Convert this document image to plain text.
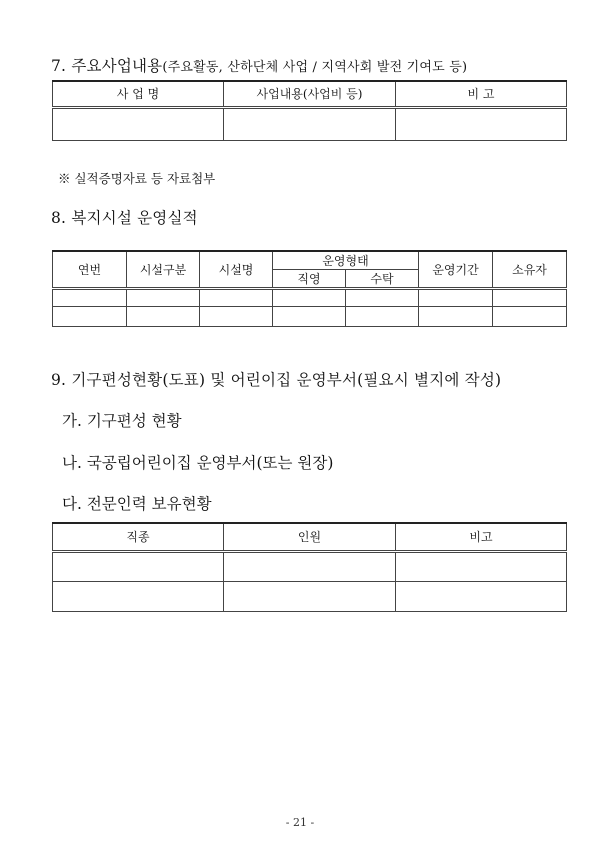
7. 주요사업내용(주요활동, 산하단체 사업 / 지역사회 발전 기여도 등)
사 업 명	사업내용(사업비 등)	비 고

※ 실적증명자료 등 자료첨부
8. 복지시설 운영실적
연번	시설구분	시설명	운영형태		운영기간	소유자
			직영	수탁		

9. 기구편성현황(도표) 및 어린이집 운영부서(필요시 별지에 작성)
가. 기구편성 현황
나. 국공립어린이집 운영부서(또는 원장)
다. 전문인력 보유현황
직종	인원	비고

- 21 -
